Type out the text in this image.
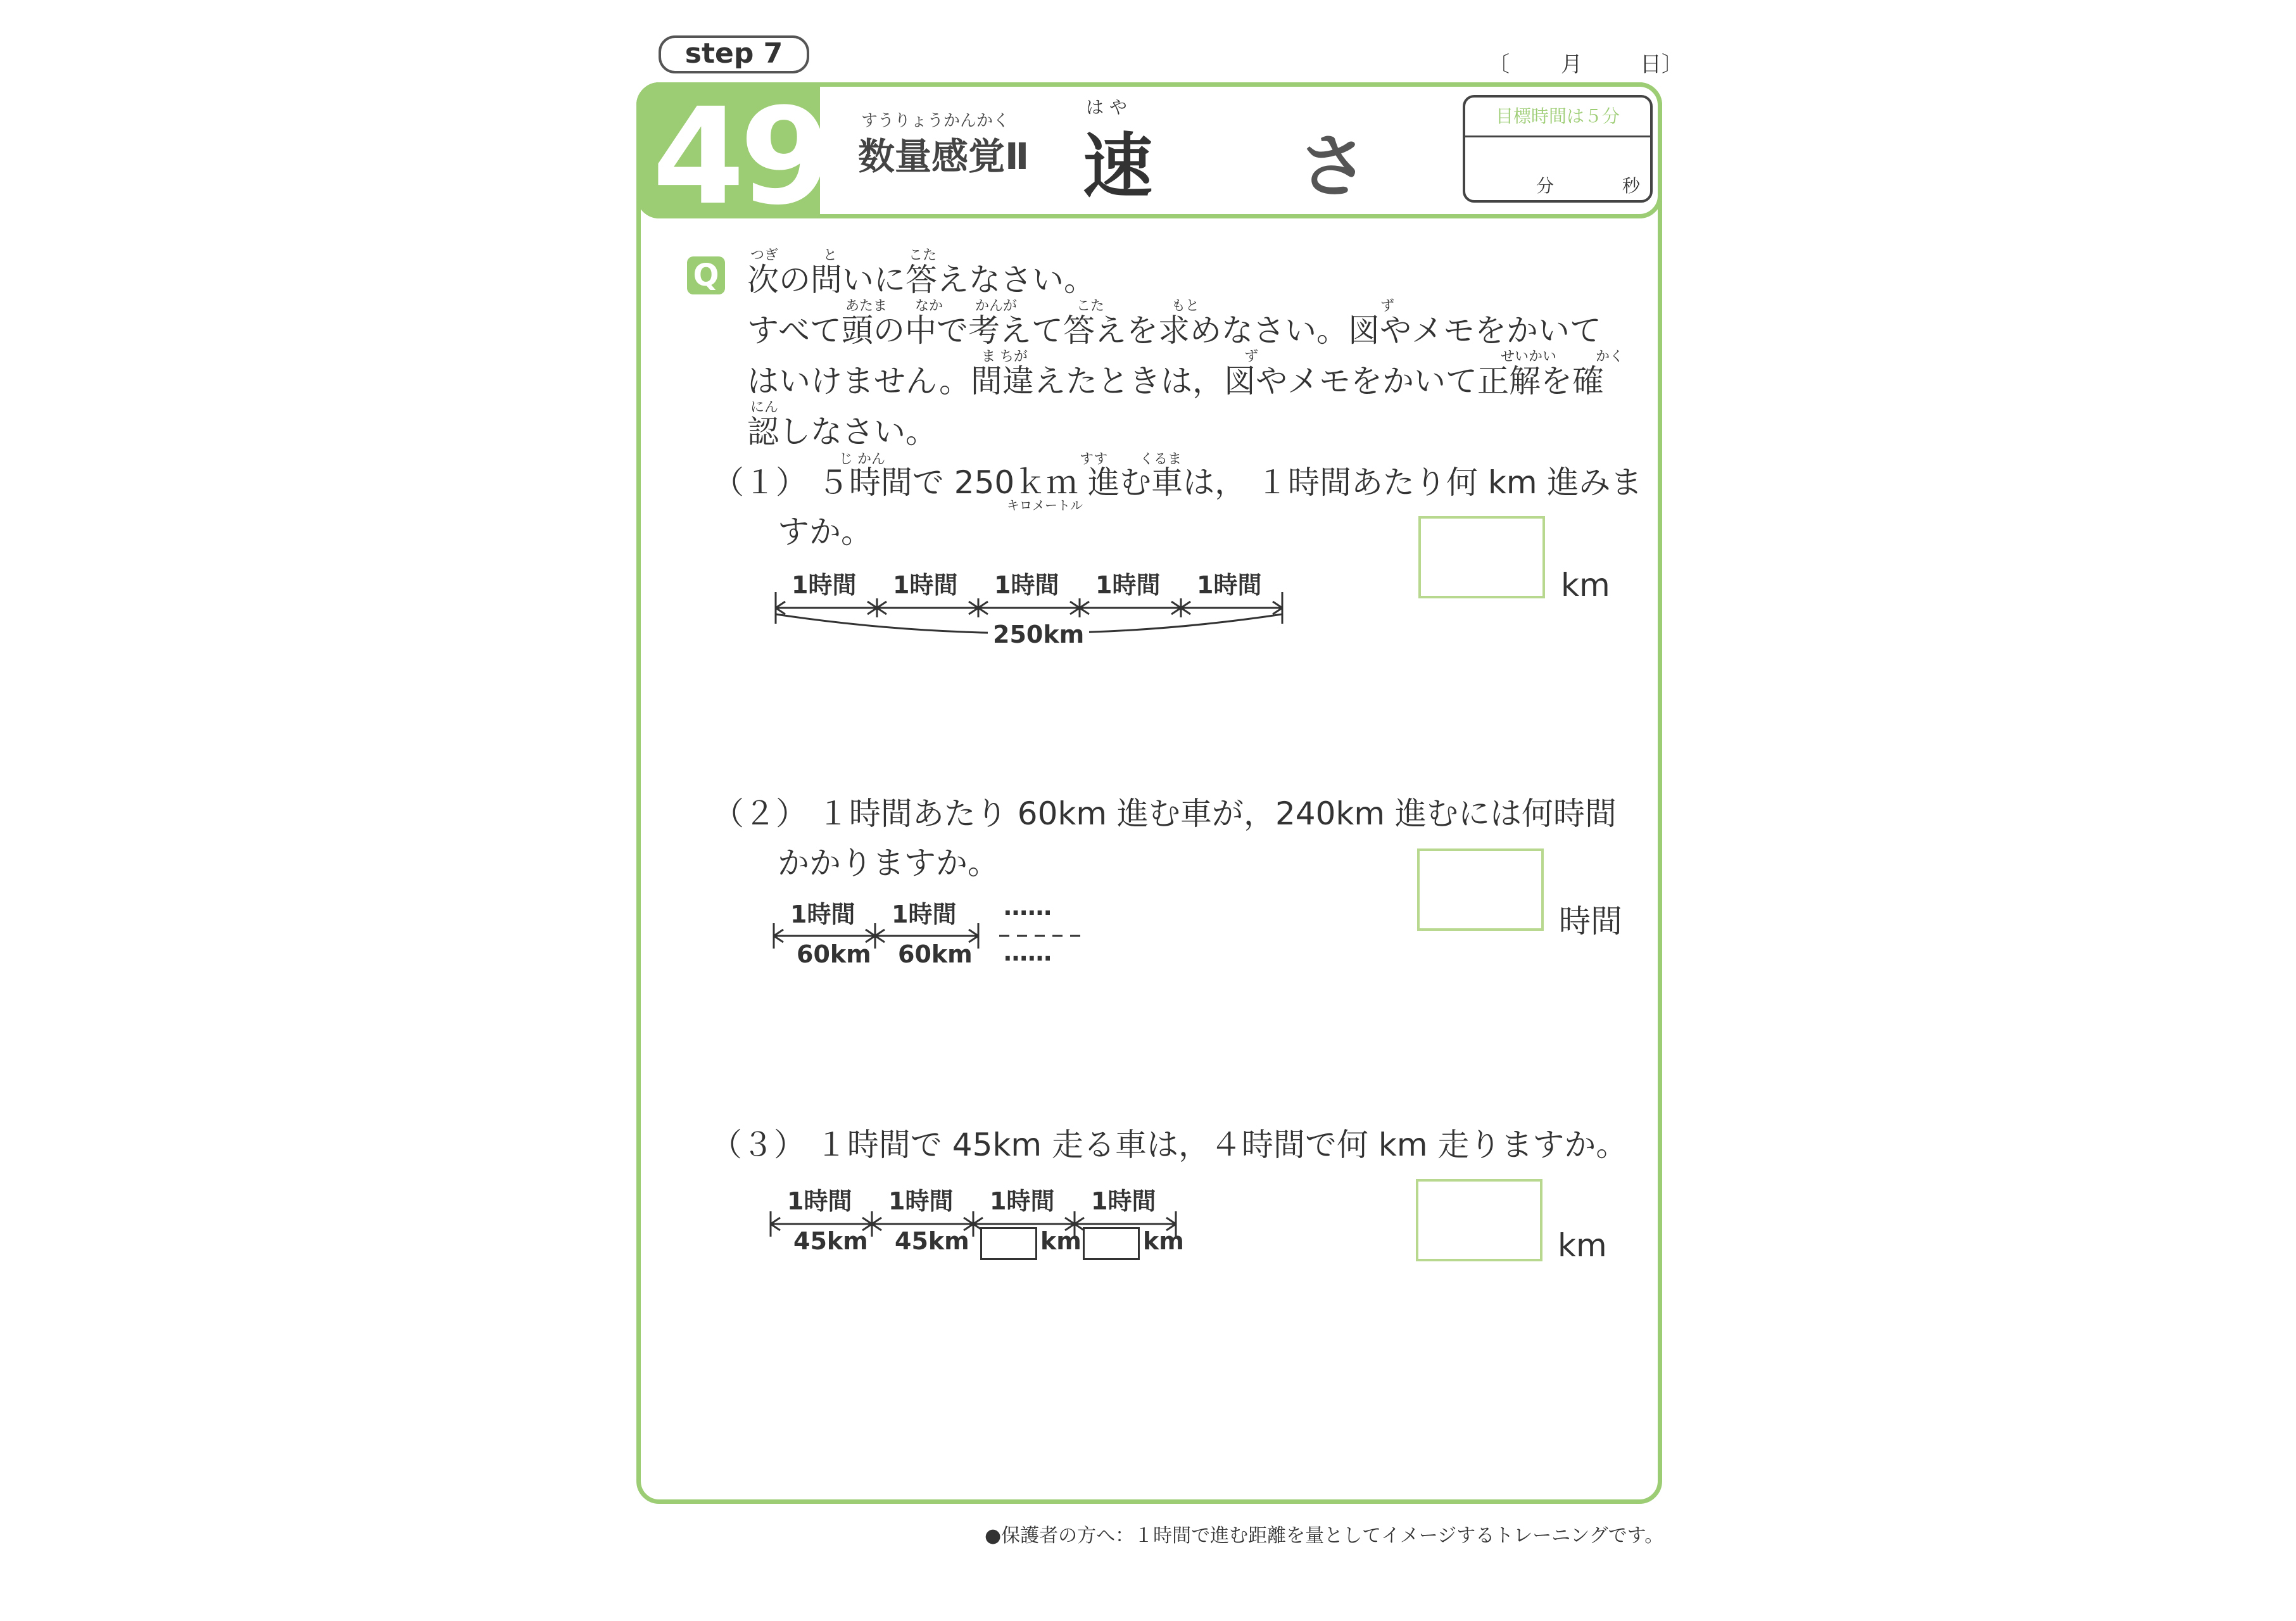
step 7	〔 月	日〕
49 すうりょうかんかく
数量感覚Ⅱ
は や
速 さ
目標時間は５分
分	秒
Q
つぎ	と	こた
次の問いに答えなさい。
あたま なか かんが	こた	もと	ず
すべて頭の中で考えて答えを求めなさい。図やメモをかいて
ま ちが	ず	せいかい	かく
はいけません。間違えたときは，図やメモをかいて正解を確
にん
認しなさい。
じ かん	すす くるま
（１） ５時間で 250ｋｍ 進む車は， １時間あたり何 km 進みま
キロメートル
すか。
km
1時間 1時間 1時間 1時間 1時間
250km
（２） １時間あたり 60km 進む車が，240km 進むには何時間
かかりますか。
時間
1時間 1時間 ……
60km 60km ……
（３） １時間で 45km 走る車は，４時間で何 km 走りますか。
km
1時間 1時間 1時間 1時間
45km 45km	km	km
●保護者の方へ：１時間で進む距離を量としてイメージするトレーニングです。
